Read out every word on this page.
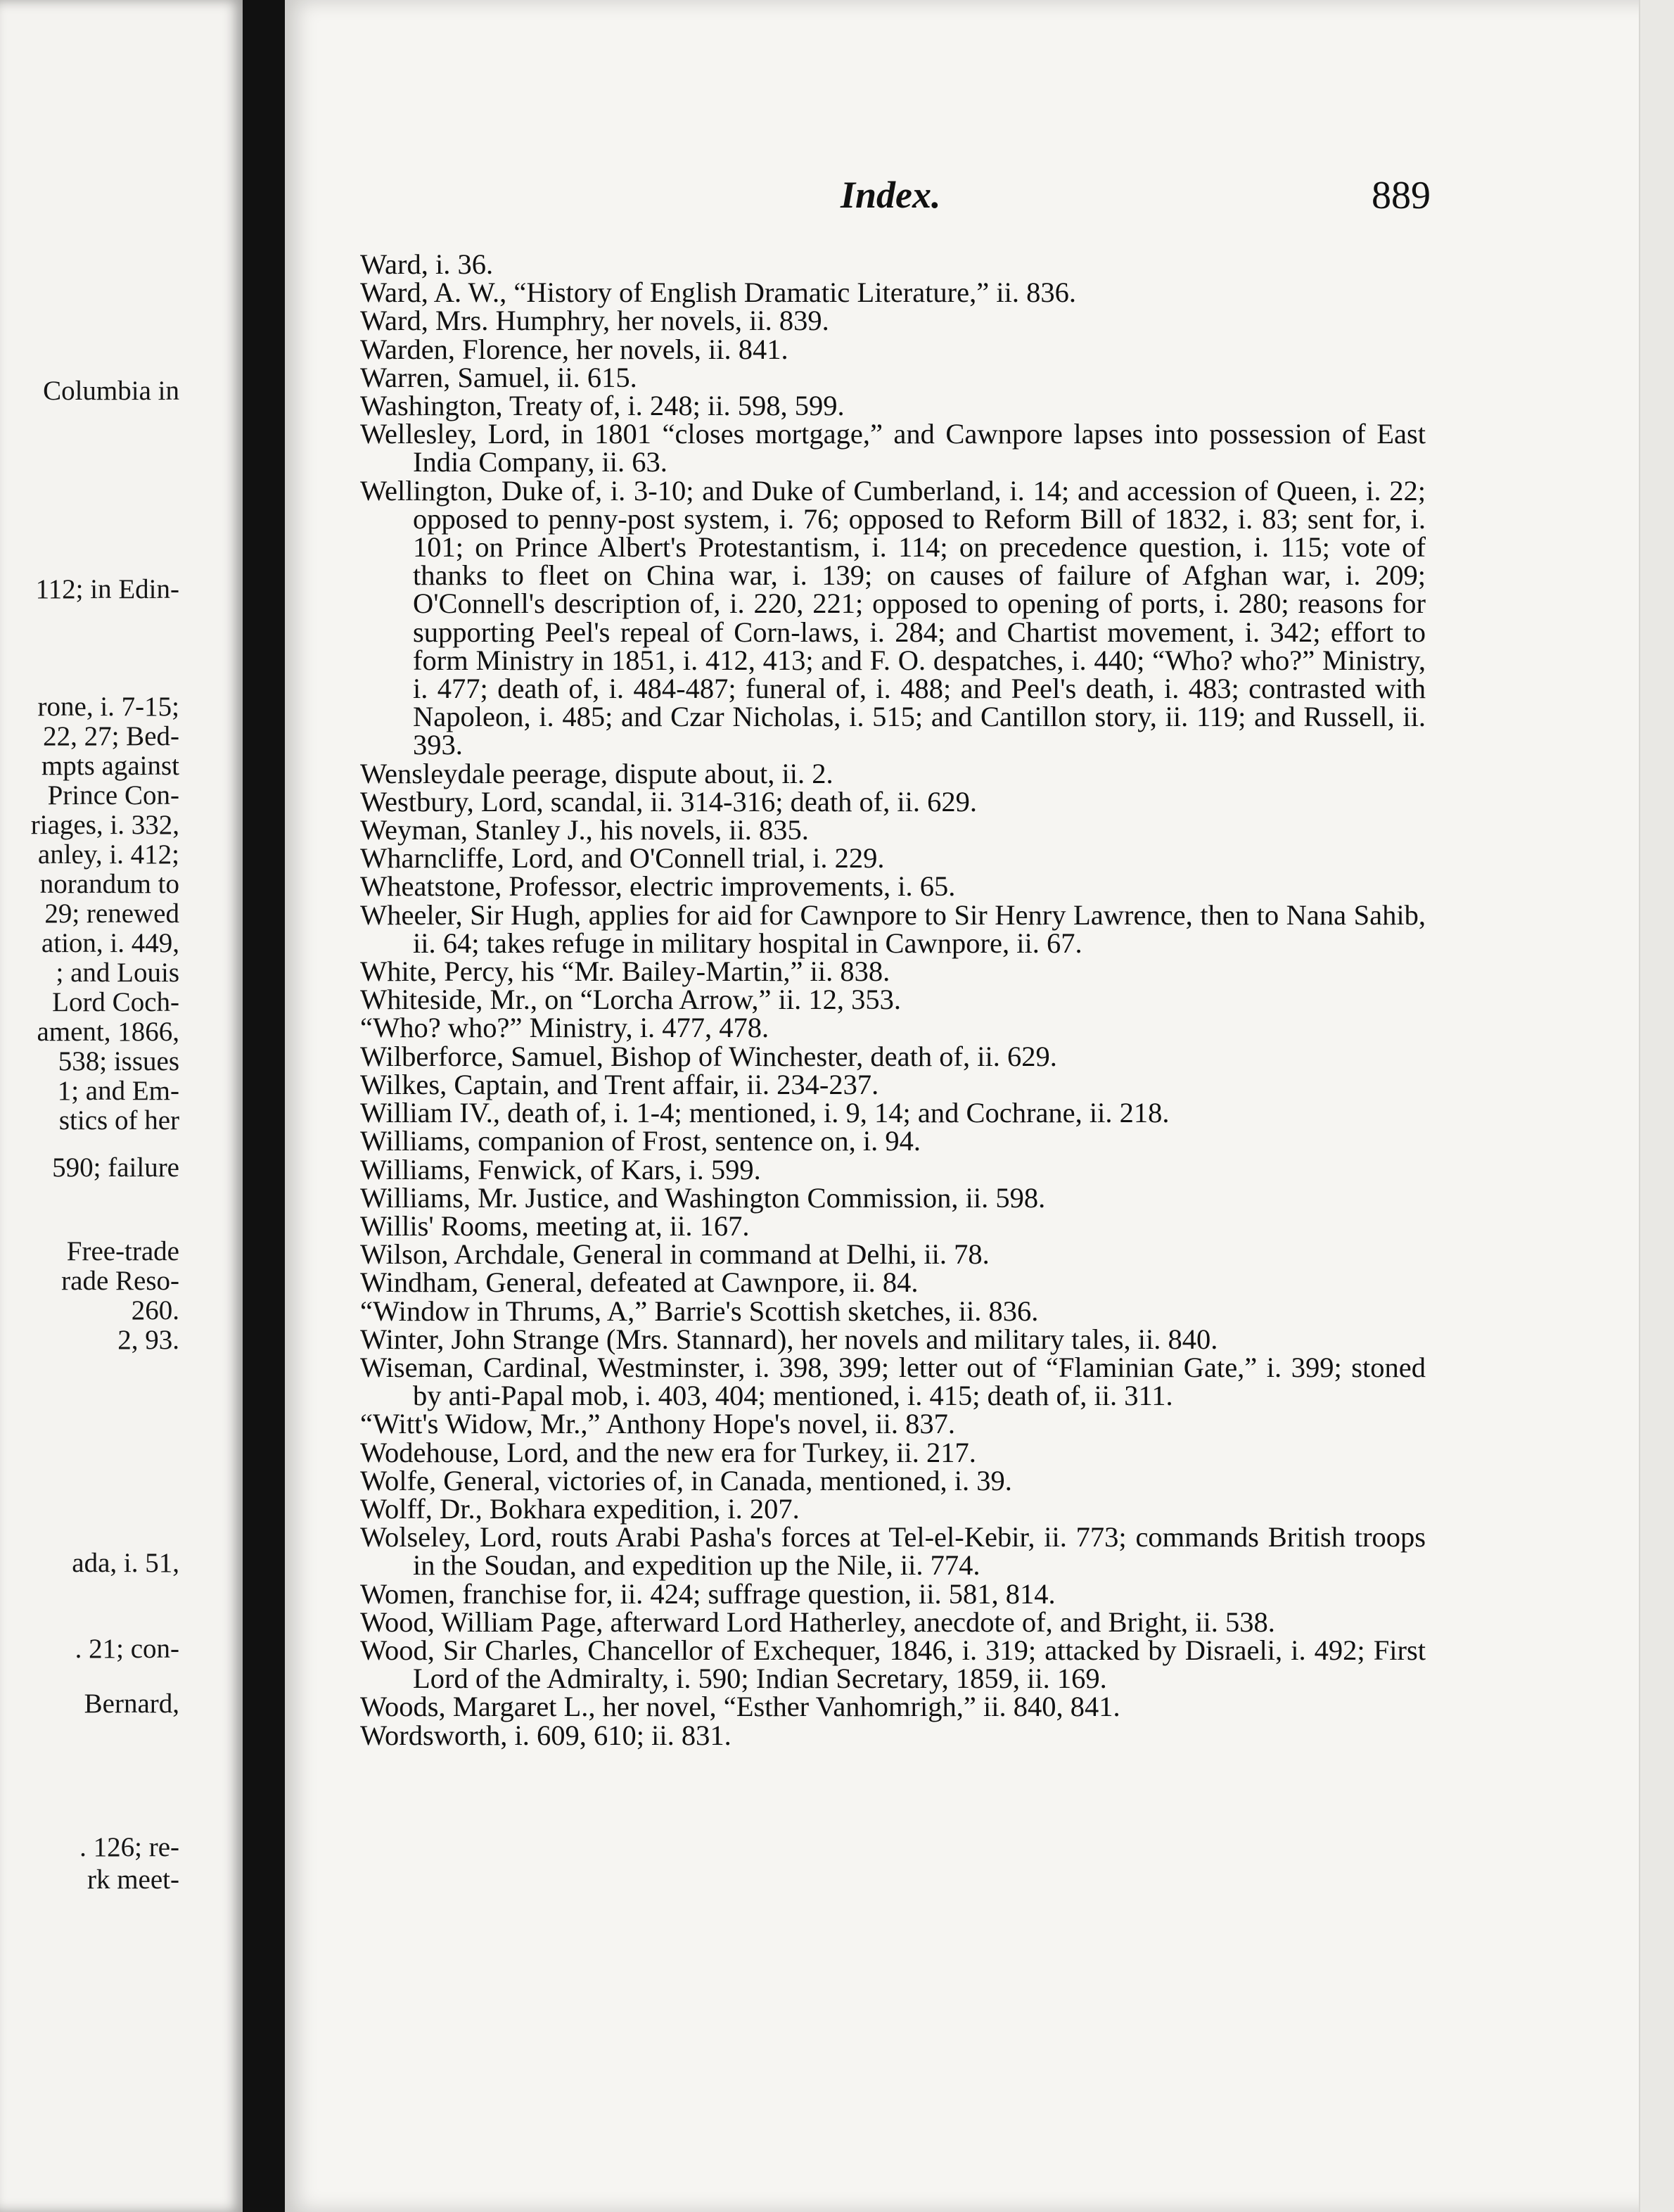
Columbia in
112; in Edin-
rone, i. 7-15;
22, 27; Bed-
mpts against
Prince Con-
riages, i. 332,
anley, i. 412;
norandum to
29; renewed
ation, i. 449,
; and Louis
Lord Coch-
ament, 1866,
538; issues
1; and Em-
stics of her
590; failure
Free-trade
rade Reso-
260.
2, 93.
ada, i. 51,
. 21; con-
Bernard,
. 126; re-
rk meet-
Index.	889
Ward, i. 36.
Ward, A. W., “History of English Dramatic Literature,” ii. 836.
Ward, Mrs. Humphry, her novels, ii. 839.
Warden, Florence, her novels, ii. 841.
Warren, Samuel, ii. 615.
Washington, Treaty of, i. 248; ii. 598, 599.
Wellesley, Lord, in 1801 “closes mortgage,” and Cawnpore lapses into possession of East India Company, ii. 63.
Wellington, Duke of, i. 3-10; and Duke of Cumberland, i. 14; and accession of Queen, i. 22; opposed to penny-post system, i. 76; opposed to Reform Bill of 1832, i. 83; sent for, i. 101; on Prince Albert's Protestantism, i. 114; on precedence question, i. 115; vote of thanks to fleet on China war, i. 139; on causes of failure of Afghan war, i. 209; O'Connell's description of, i. 220, 221; opposed to opening of ports, i. 280; reasons for supporting Peel's repeal of Corn-laws, i. 284; and Chartist movement, i. 342; effort to form Ministry in 1851, i. 412, 413; and F. O. despatches, i. 440; “Who? who?” Ministry, i. 477; death of, i. 484-487; funeral of, i. 488; and Peel's death, i. 483; contrasted with Napoleon, i. 485; and Czar Nicholas, i. 515; and Cantillon story, ii. 119; and Russell, ii. 393.
Wensleydale peerage, dispute about, ii. 2.
Westbury, Lord, scandal, ii. 314-316; death of, ii. 629.
Weyman, Stanley J., his novels, ii. 835.
Wharncliffe, Lord, and O'Connell trial, i. 229.
Wheatstone, Professor, electric improvements, i. 65.
Wheeler, Sir Hugh, applies for aid for Cawnpore to Sir Henry Lawrence, then to Nana Sahib, ii. 64; takes refuge in military hospital in Cawnpore, ii. 67.
White, Percy, his “Mr. Bailey-Martin,” ii. 838.
Whiteside, Mr., on “Lorcha Arrow,” ii. 12, 353.
“Who? who?” Ministry, i. 477, 478.
Wilberforce, Samuel, Bishop of Winchester, death of, ii. 629.
Wilkes, Captain, and Trent affair, ii. 234-237.
William IV., death of, i. 1-4; mentioned, i. 9, 14; and Cochrane, ii. 218.
Williams, companion of Frost, sentence on, i. 94.
Williams, Fenwick, of Kars, i. 599.
Williams, Mr. Justice, and Washington Commission, ii. 598.
Willis' Rooms, meeting at, ii. 167.
Wilson, Archdale, General in command at Delhi, ii. 78.
Windham, General, defeated at Cawnpore, ii. 84.
“Window in Thrums, A,” Barrie's Scottish sketches, ii. 836.
Winter, John Strange (Mrs. Stannard), her novels and military tales, ii. 840.
Wiseman, Cardinal, Westminster, i. 398, 399; letter out of “Flaminian Gate,” i. 399; stoned by anti-Papal mob, i. 403, 404; mentioned, i. 415; death of, ii. 311.
“Witt's Widow, Mr.,” Anthony Hope's novel, ii. 837.
Wodehouse, Lord, and the new era for Turkey, ii. 217.
Wolfe, General, victories of, in Canada, mentioned, i. 39.
Wolff, Dr., Bokhara expedition, i. 207.
Wolseley, Lord, routs Arabi Pasha's forces at Tel-el-Kebir, ii. 773; commands British troops in the Soudan, and expedition up the Nile, ii. 774.
Women, franchise for, ii. 424; suffrage question, ii. 581, 814.
Wood, William Page, afterward Lord Hatherley, anecdote of, and Bright, ii. 538.
Wood, Sir Charles, Chancellor of Exchequer, 1846, i. 319; attacked by Disraeli, i. 492; First Lord of the Admiralty, i. 590; Indian Secretary, 1859, ii. 169.
Woods, Margaret L., her novel, “Esther Vanhomrigh,” ii. 840, 841.
Wordsworth, i. 609, 610; ii. 831.
